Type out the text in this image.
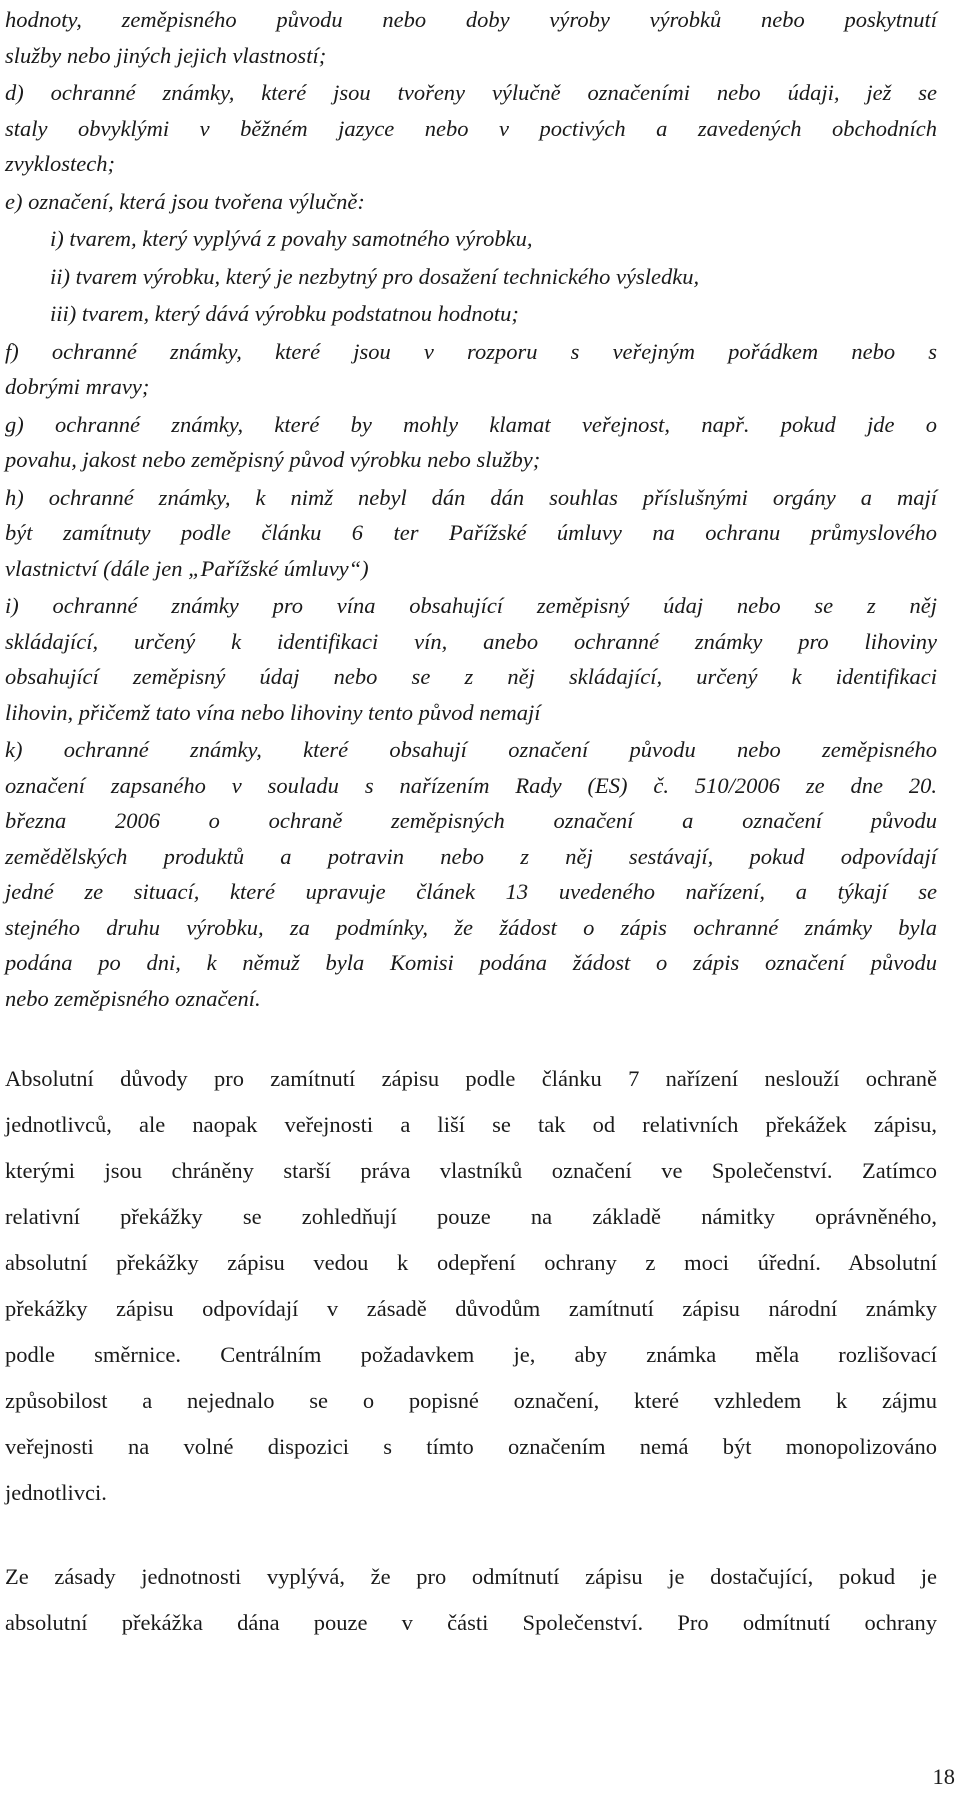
hodnoty, zeměpisného původu nebo doby výroby výrobků nebo poskytnutí
služby nebo jiných jejich vlastností;
d) ochranné známky, které jsou tvořeny výlučně označeními nebo údaji, jež se
staly obvyklými v běžném jazyce nebo v poctivých a zavedených obchodních
zvyklostech;
e) označení, která jsou tvořena výlučně:
i) tvarem, který vyplývá z povahy samotného výrobku,
ii) tvarem výrobku, který je nezbytný pro dosažení technického výsledku,
iii) tvarem, který dává výrobku podstatnou hodnotu;
f) ochranné známky, které jsou v rozporu s veřejným pořádkem nebo s
dobrými mravy;
g) ochranné známky, které by mohly klamat veřejnost, např. pokud jde o
povahu, jakost nebo zeměpisný původ výrobku nebo služby;
h) ochranné známky, k nimž nebyl dán dán souhlas příslušnými orgány a mají
být zamítnuty podle článku 6 ter Pařížské úmluvy na ochranu průmyslového
vlastnictví (dále jen „Pařížské úmluvy“)
i) ochranné známky pro vína obsahující zeměpisný údaj nebo se z něj
skládající, určený k identifikaci vín, anebo ochranné známky pro lihoviny
obsahující zeměpisný údaj nebo se z něj skládající, určený k identifikaci
lihovin, přičemž tato vína nebo lihoviny tento původ nemají
k) ochranné známky, které obsahují označení původu nebo zeměpisného
označení zapsaného v souladu s nařízením Rady (ES) č. 510/2006 ze dne 20.
března 2006 o ochraně zeměpisných označení a označení původu
zemědělských produktů a potravin nebo z něj sestávají, pokud odpovídají
jedné ze situací, které upravuje článek 13 uvedeného nařízení, a týkají se
stejného druhu výrobku, za podmínky, že žádost o zápis ochranné známky byla
podána po dni, k němuž byla Komisi podána žádost o zápis označení původu
nebo zeměpisného označení.
Absolutní důvody pro zamítnutí zápisu podle článku 7 nařízení neslouží ochraně
jednotlivců, ale naopak veřejnosti a liší se tak od relativních překážek zápisu,
kterými jsou chráněny starší práva vlastníků označení ve Společenství. Zatímco
relativní překážky se zohledňují pouze na základě námitky oprávněného,
absolutní překážky zápisu vedou k odepření ochrany z moci úřední. Absolutní
překážky zápisu odpovídají v zásadě důvodům zamítnutí zápisu národní známky
podle směrnice. Centrálním požadavkem je, aby známka měla rozlišovací
způsobilost a nejednalo se o popisné označení, které vzhledem k zájmu
veřejnosti na volné dispozici s tímto označením nemá být monopolizováno
jednotlivci.
Ze zásady jednotnosti vyplývá, že pro odmítnutí zápisu je dostačující, pokud je
absolutní překážka dána pouze v části Společenství. Pro odmítnutí ochrany
18
